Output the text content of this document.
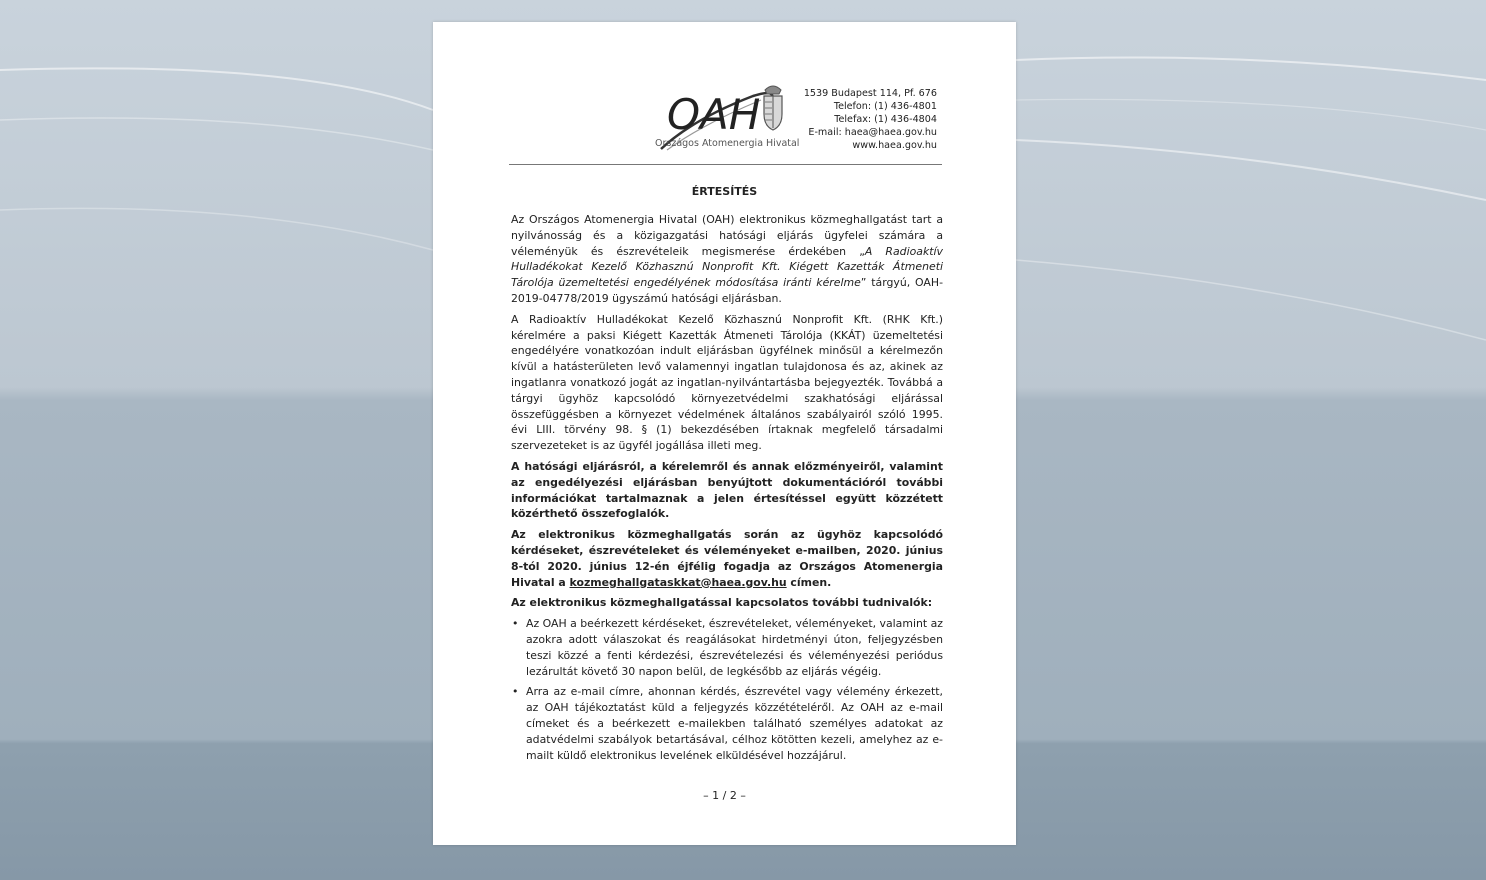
OAH
Országos Atomenergia Hivatal
1539 Budapest 114, Pf. 676
Telefon: (1) 436-4801
Telefax: (1) 436-4804
E-mail: haea@haea.gov.hu
www.haea.gov.hu
ÉRTESÍTÉS

Az Országos Atomenergia Hivatal (OAH) elektronikus közmeghallgatást tart a nyilvánosság és a közigazgatási hatósági eljárás ügyfelei számára a véleményük és észrevételeik megismerése érdekében „A Radioaktív Hulladékokat Kezelő Közhasznú Nonprofit Kft. Kiégett Kazetták Átmeneti Tárolója üzemeltetési engedélyének módosítása iránti kérelme” tárgyú, OAH-2019-04778/2019 ügyszámú hatósági eljárásban.

A Radioaktív Hulladékokat Kezelő Közhasznú Nonprofit Kft. (RHK Kft.) kérelmére a paksi Kiégett Kazetták Átmeneti Tárolója (KKÁT) üzemeltetési engedélyére vonatkozóan indult eljárásban ügyfélnek minősül a kérelmezőn kívül a hatásterületen levő valamennyi ingatlan tulajdonosa és az, akinek az ingatlanra vonatkozó jogát az ingatlan-nyilvántartásba bejegyezték. Továbbá a tárgyi ügyhöz kapcsolódó környezetvédelmi szakhatósági eljárással összefüggésben a környezet védelmének általános szabályairól szóló 1995. évi LIII. törvény 98. § (1) bekezdésében írtaknak megfelelő társadalmi szervezeteket is az ügyfél jogállása illeti meg.

A hatósági eljárásról, a kérelemről és annak előzményeiről, valamint az engedélyezési eljárásban benyújtott dokumentációról további információkat tartalmaznak a jelen értesítéssel együtt közzétett közérthető összefoglalók.

Az elektronikus közmeghallgatás során az ügyhöz kapcsolódó kérdéseket, észrevételeket és véleményeket e-mailben, 2020. június 8-tól 2020. június 12-én éjfélig fogadja az Országos Atomenergia Hivatal a kozmeghallgataskkat@haea.gov.hu címen.

Az elektronikus közmeghallgatással kapcsolatos további tudnivalók:

• Az OAH a beérkezett kérdéseket, észrevételeket, véleményeket, valamint az azokra adott válaszokat és reagálásokat hirdetményi úton, feljegyzésben teszi közzé a fenti kérdezési, észrevételezési és véleményezési periódus lezárultát követő 30 napon belül, de legkésőbb az eljárás végéig.
• Arra az e-mail címre, ahonnan kérdés, észrevétel vagy vélemény érkezett, az OAH tájékoztatást küld a feljegyzés közzétételéről. Az OAH az e-mail címeket és a beérkezett e-mailekben található személyes adatokat az adatvédelmi szabályok betartásával, célhoz kötötten kezeli, amelyhez az e-mailt küldő elektronikus levelének elküldésével hozzájárul.
– 1 / 2 –
